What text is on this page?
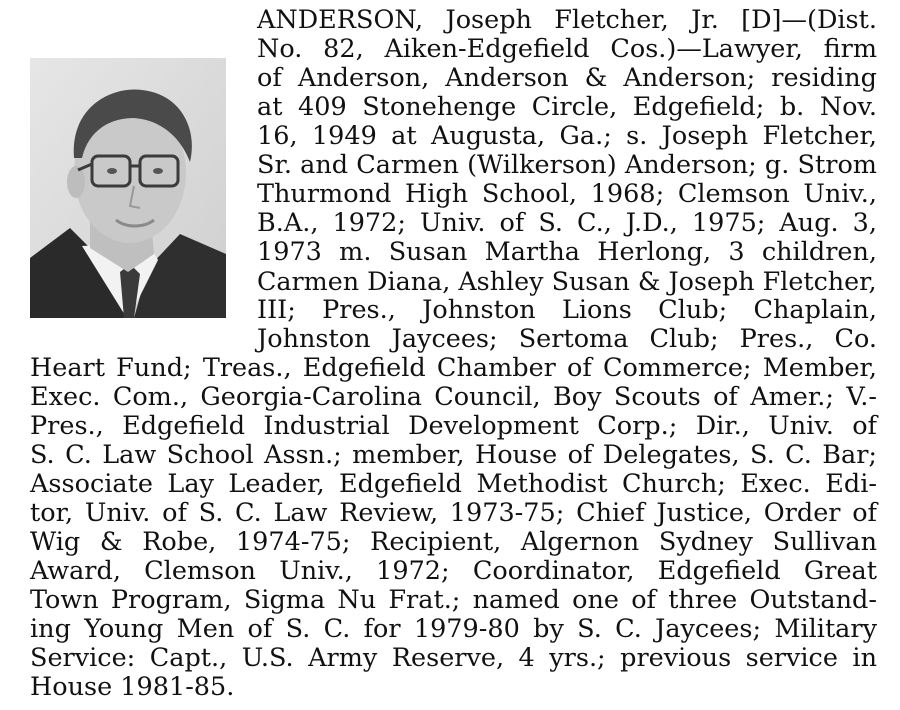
ANDERSON, Joseph Fletcher, Jr. [D]—(Dist.
No. 82, Aiken-Edgefield Cos.)—Lawyer, firm
of Anderson, Anderson & Anderson; residing
at 409 Stonehenge Circle, Edgefield; b. Nov.
16, 1949 at Augusta, Ga.; s. Joseph Fletcher,
Sr. and Carmen (Wilkerson) Anderson; g. Strom
Thurmond High School, 1968; Clemson Univ.,
B.A., 1972; Univ. of S. C., J.D., 1975; Aug. 3,
1973 m. Susan Martha Herlong, 3 children,
Carmen Diana, Ashley Susan & Joseph Fletcher,
III; Pres., Johnston Lions Club; Chaplain,
Johnston Jaycees; Sertoma Club; Pres., Co.
Heart Fund; Treas., Edgefield Chamber of Commerce; Member,
Exec. Com., Georgia-Carolina Council, Boy Scouts of Amer.; V.-
Pres., Edgefield Industrial Development Corp.; Dir., Univ. of
S. C. Law School Assn.; member, House of Delegates, S. C. Bar;
Associate Lay Leader, Edgefield Methodist Church; Exec. Edi-
tor, Univ. of S. C. Law Review, 1973-75; Chief Justice, Order of
Wig & Robe, 1974-75; Recipient, Algernon Sydney Sullivan
Award, Clemson Univ., 1972; Coordinator, Edgefield Great
Town Program, Sigma Nu Frat.; named one of three Outstand-
ing Young Men of S. C. for 1979-80 by S. C. Jaycees; Military
Service: Capt., U.S. Army Reserve, 4 yrs.; previous service in
House 1981-85.
